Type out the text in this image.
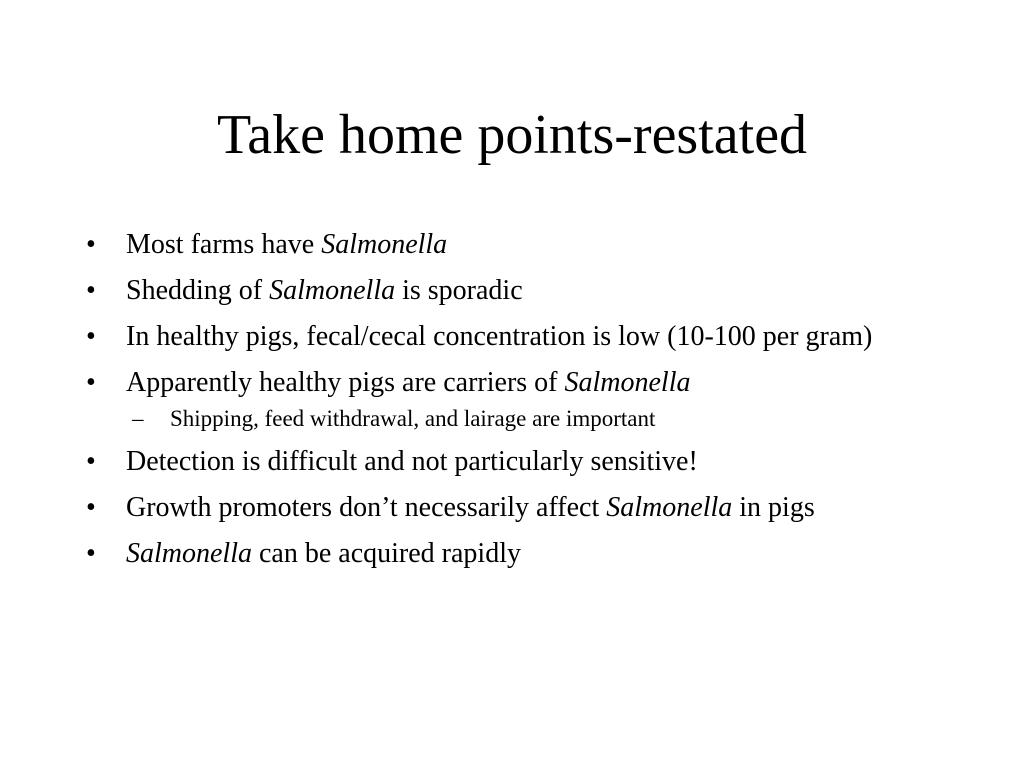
Take home points-restated
•	Most farms have Salmonella
•	Shedding of Salmonella is sporadic
•	In healthy pigs, fecal/cecal concentration is low (10-100 per gram)
•	Apparently healthy pigs are carriers of Salmonella
–	Shipping, feed withdrawal, and lairage are important
•	Detection is difficult and not particularly sensitive!
•	Growth promoters don’t necessarily affect Salmonella in pigs
•	Salmonella can be acquired rapidly
